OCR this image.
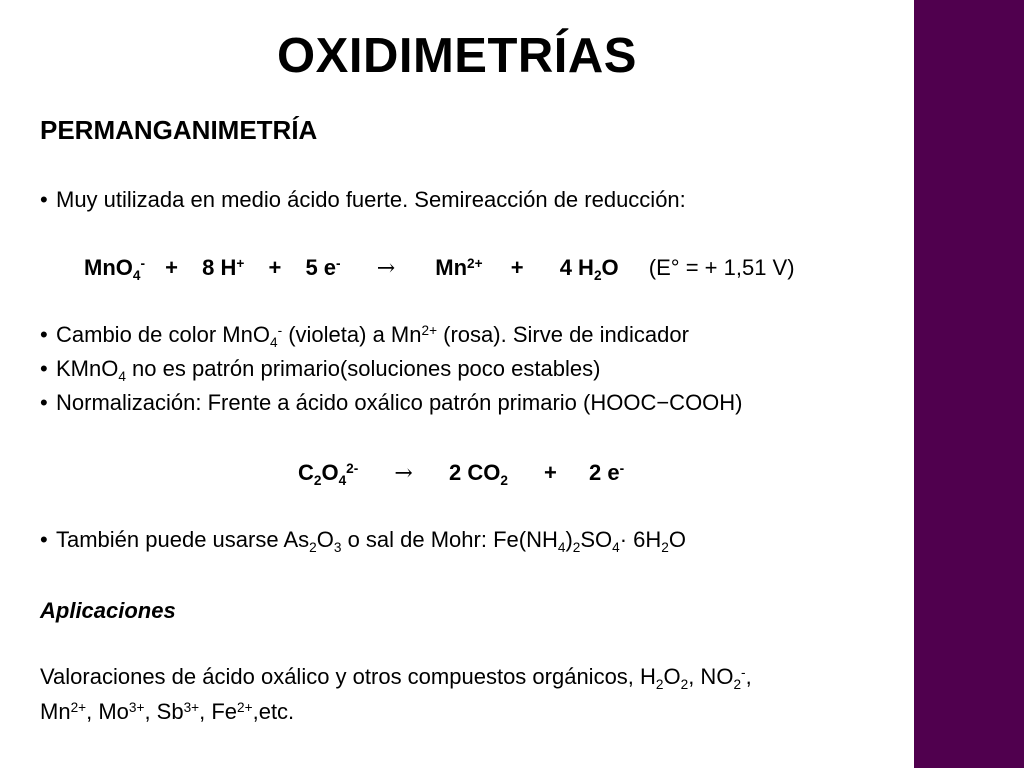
OXIDIMETRÍAS
PERMANGANIMETRÍA
• Muy utilizada en medio ácido fuerte. Semireacción de reducción:
MnO$_4$- + 8 H+ + 5 $e^- \to Mn^{2+} + 4$ $H_2O$ (E° = + 1,51 V)
• Cambio de color MnO$_4$- (violeta) a $Mn^{2+}$ (rosa). Sirve de indicador
• KMnO$_4$ no es patrón primario(soluciones poco estables)
• Normalización: Frente a ácido oxálico patrón primario (HOOC−COOH)
$C_2O_4^{2-} \to 2$ $CO_2 + 2$ e-
• También puede usarse $As_2O_3$ o sal de Mohr: $Fe(NH_4)_2SO_4\cdot 6H_2O$
Aplicaciones
Valoraciones de ácido oxálico y otros compuestos orgánicos, $H_2O_2$, $NO_2^-$,
$Mn^{2+}$, $Mo^{3+}$, $Sb^{3+}$, $Fe^{2+},etc$.
